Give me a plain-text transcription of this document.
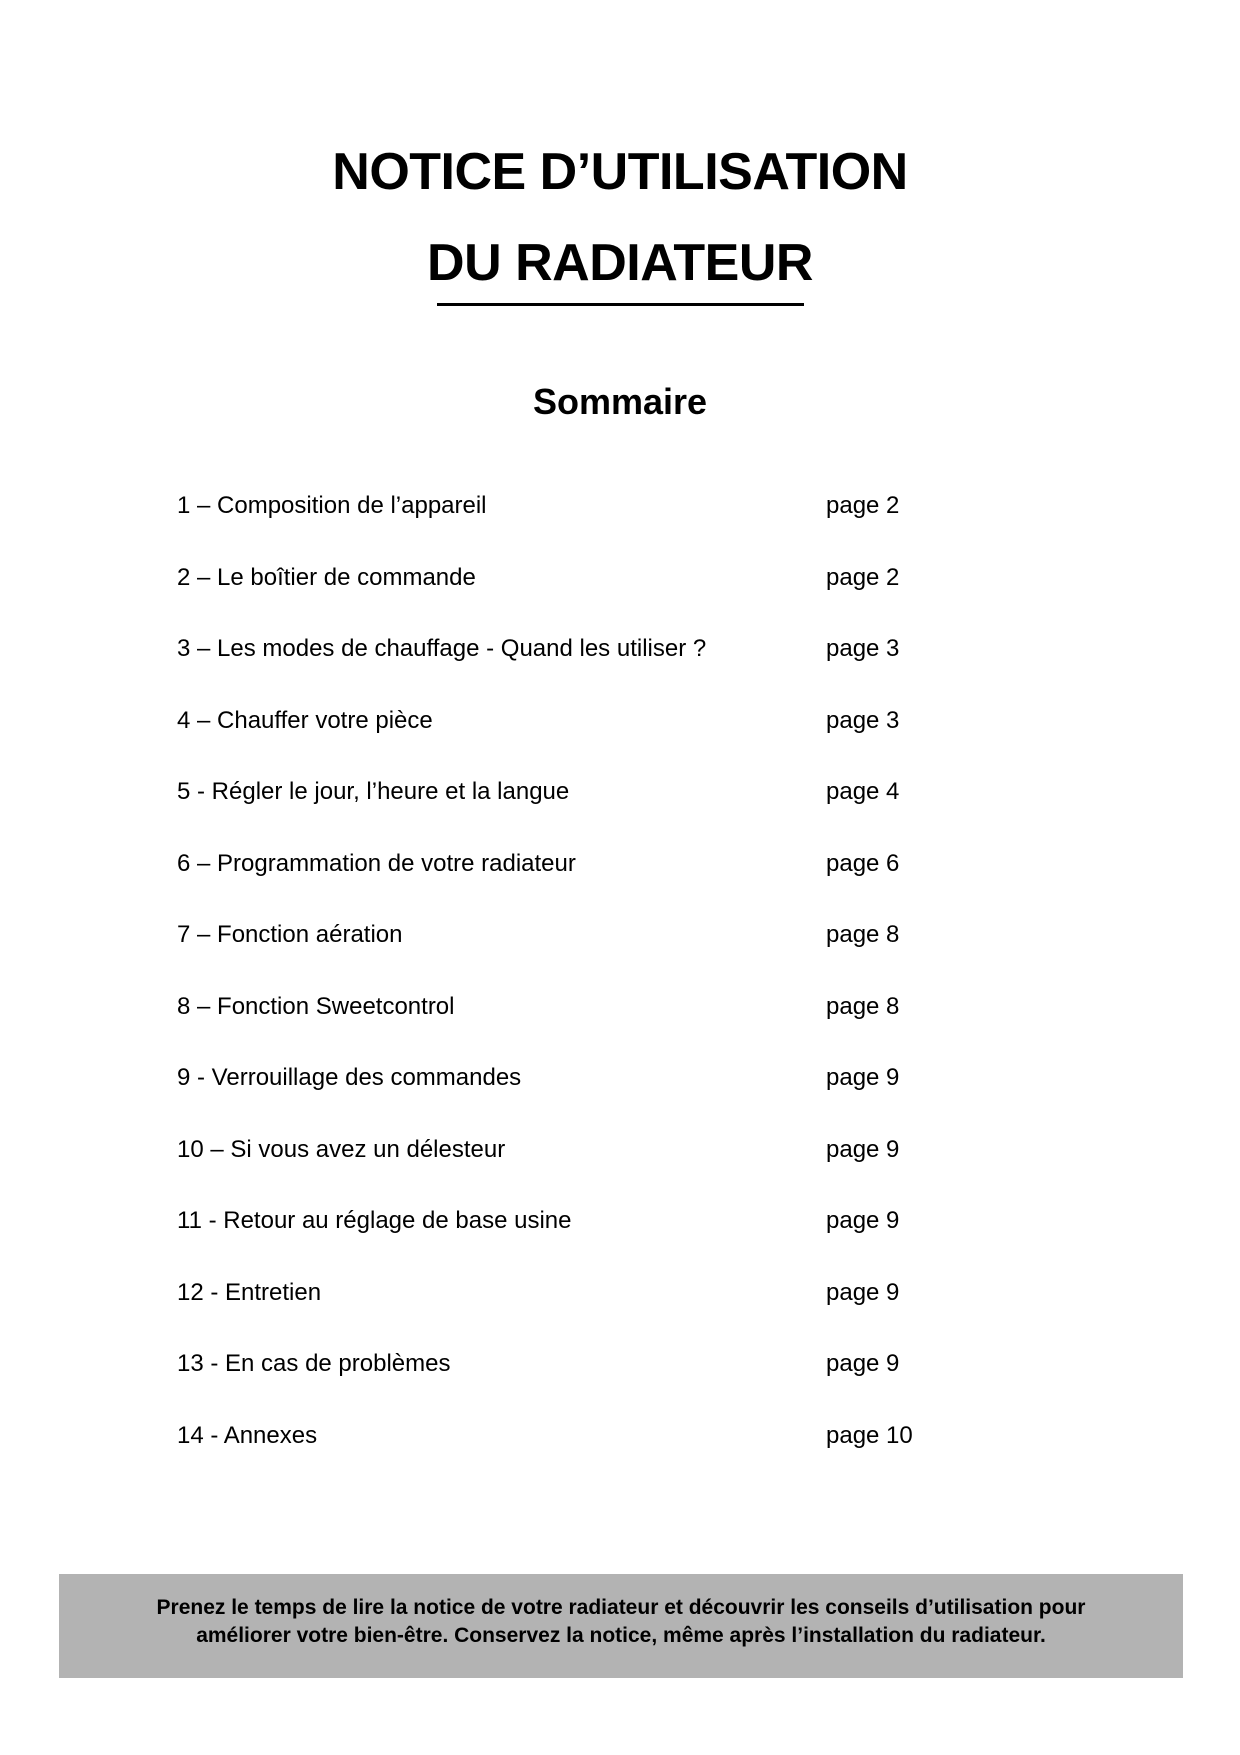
NOTICE D’UTILISATION
DU RADIATEUR
Sommaire
1 – Composition de l’appareil	page 2
2 – Le boîtier de commande	page 2
3 – Les modes de chauffage - Quand les utiliser ?	page 3
4 – Chauffer votre pièce	page 3
5 - Régler le jour, l’heure et la langue	page 4
6 – Programmation de votre radiateur	page 6
7 – Fonction aération	page 8
8 – Fonction Sweetcontrol	page 8
9 - Verrouillage des commandes	page 9
10 – Si vous avez un délesteur	page 9
11 - Retour au réglage de base usine	page 9
12 - Entretien	page 9
13 - En cas de problèmes	page 9
14 - Annexes	page 10
Prenez le temps de lire la notice de votre radiateur et découvrir les conseils d’utilisation pour
améliorer votre bien-être. Conservez la notice, même après l’installation du radiateur.
